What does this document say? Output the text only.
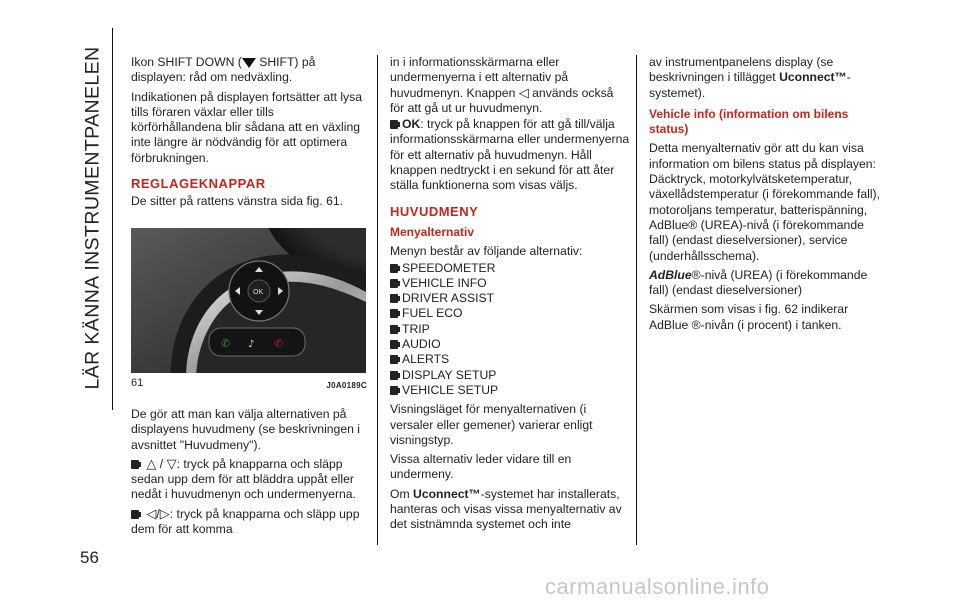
LÄR KÄNNA INSTRUMENTPANELEN
56

Ikon SHIFT DOWN ( SHIFT) på displayen: råd om nedväxling.

Indikationen på displayen fortsätter att lysa tills föraren växlar eller tills körförhållandena blir sådana att en växling inte längre är nödvändig för att optimera förbrukningen.

REGLAGEKNAPPAR

De sitter på rattens vänstra sida fig. 61.

✆ ♪ ✆
OK
61	J0A0189C

De gör att man kan välja alternativen på displayens huvudmeny (se beskrivningen i avsnittet "Huvudmeny").

△ / ▽: tryck på knapparna och släpp sedan upp dem för att bläddra uppåt eller nedåt i huvudmenyn och undermenyerna.

◁/▷: tryck på knapparna och släpp upp dem för att komma

in i informationsskärmarna eller undermenyerna i ett alternativ på huvudmenyn. Knappen ◁ används också för att gå ut ur huvudmenyn.

OK: tryck på knappen för att gå till/välja informationsskärmarna eller undermenyerna för ett alternativ på huvudmenyn. Håll knappen nedtryckt i en sekund för att åter ställa funktionerna som visas väljs.

HUVUDMENY
Menyalternativ

Menyn består av följande alternativ:

SPEEDOMETER
VEHICLE INFO
DRIVER ASSIST
FUEL ECO
TRIP
AUDIO
ALERTS
DISPLAY SETUP
VEHICLE SETUP

Visningsläget för menyalternativen (i versaler eller gemener) varierar enligt visningstyp.

Vissa alternativ leder vidare till en undermeny.

Om Uconnect™-systemet har installerats, hanteras och visas vissa menyalternativ av det sistnämnda systemet och inte

av instrumentpanelens display (se beskrivningen i tillägget Uconnect™-systemet).

Vehicle info (information om bilens status)

Detta menyalternativ gör att du kan visa information om bilens status på displayen: Däcktryck, motorkylvätsketemperatur, växellådstemperatur (i förekommande fall), motoroljans temperatur, batterispänning, AdBlue® (UREA)-nivå (i förekommande fall) (endast dieselversioner), service (underhållsschema).

AdBlue®-nivå (UREA) (i förekommande fall) (endast dieselversioner)

Skärmen som visas i fig. 62 indikerar AdBlue ®-nivån (i procent) i tanken.

carmanualsonline.info
